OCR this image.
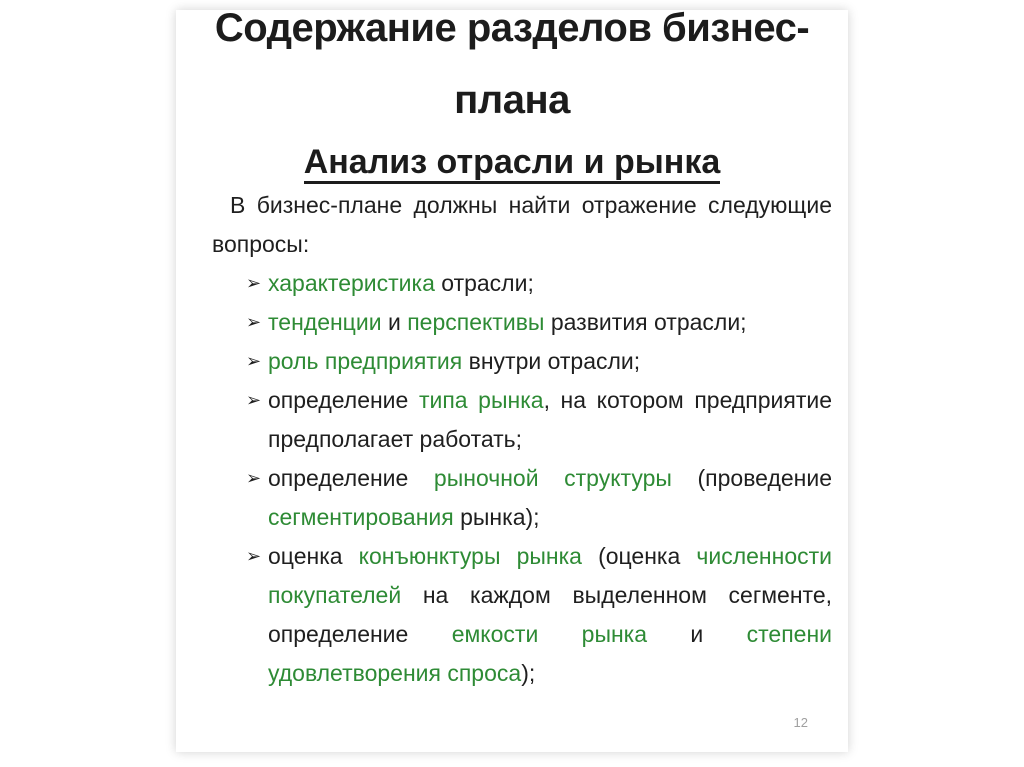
Содержание разделов бизнес-
плана
Анализ отрасли и рынка

В бизнес-плане должны найти отражение следующие вопросы:

➢ характеристика отрасли;
➢ тенденции и перспективы развития отрасли;
➢ роль предприятия внутри отрасли;
➢ определение типа рынка, на котором предприятие предполагает работать;
➢ определение рыночной структуры (проведение сегментирования рынка);
➢ оценка конъюнктуры рынка (оценка численности покупателей на каждом выделенном сегменте, определение емкости рынка и степени удовлетворения спроса);
12
